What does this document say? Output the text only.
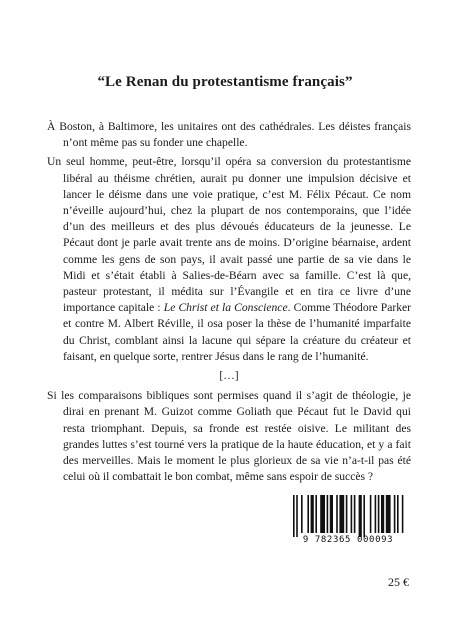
“Le Renan du protestantisme français”

À Boston, à Baltimore, les unitaires ont des cathédrales. Les déistes français n’ont même pas su fonder une chapelle.

Un seul homme, peut-être, lorsqu’il opéra sa conversion du protestantisme libéral au théisme chrétien, aurait pu donner une impulsion décisive et lancer le déisme dans une voie pratique, c’est M. Félix Pécaut. Ce nom n’éveille aujourd’hui, chez la plupart de nos contemporains, que l’idée d’un des meilleurs et des plus dévoués éducateurs de la jeunesse. Le Pécaut dont je parle avait trente ans de moins. D’origine béarnaise, ardent comme les gens de son pays, il avait passé une partie de sa vie dans le Midi et s’était établi à Salies-de-Béarn avec sa famille. C’est là que, pasteur protestant, il médita sur l’Évangile et en tira ce livre d’une importance capitale : Le Christ et la Conscience. Comme Théodore Parker et contre M. Albert Réville, il osa poser la thèse de l’humanité imparfaite du Christ, comblant ainsi la lacune qui sépare la créature du créateur et faisant, en quelque sorte, rentrer Jésus dans le rang de l’humanité.

[…]

Si les comparaisons bibliques sont permises quand il s’agit de théologie, je dirai en prenant M. Guizot comme Goliath que Pécaut fut le David qui resta triomphant. Depuis, sa fronde est restée oisive. Le militant des grandes luttes s’est tourné vers la pratique de la haute éducation, et y a fait des merveilles. Mais le moment le plus glorieux de sa vie n’a-t-il pas été celui où il combattait le bon combat, même sans espoir de succès ?

9 782365 000093
25 €
